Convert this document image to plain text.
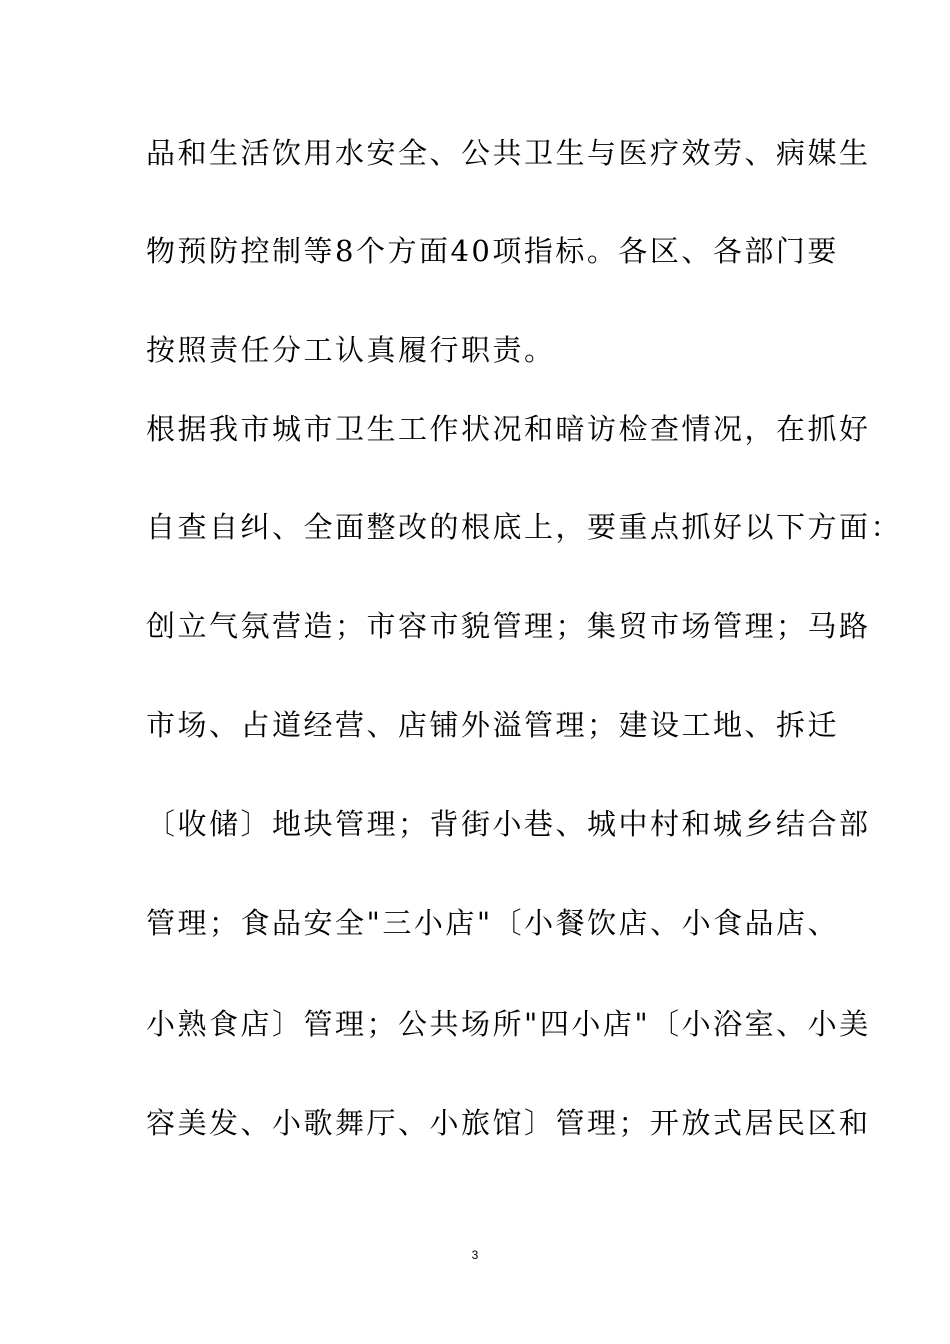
品和生活饮用水安全、公共卫生与医疗效劳、病媒生
物预防控制等8个方面40项指标。各区、各部门要
按照责任分工认真履行职责。
根据我市城市卫生工作状况和暗访检查情况，在抓好
自查自纠、全面整改的根底上，要重点抓好以下方面：
创立气氛营造；市容市貌管理；集贸市场管理；马路
市场、占道经营、店铺外溢管理；建设工地、拆迁
〔收储〕地块管理；背街小巷、城中村和城乡结合部
管理；食品安全"三小店"〔小餐饮店、小食品店、
小熟食店〕管理；公共场所"四小店"〔小浴室、小美
容美发、小歌舞厅、小旅馆〕管理；开放式居民区和
3
